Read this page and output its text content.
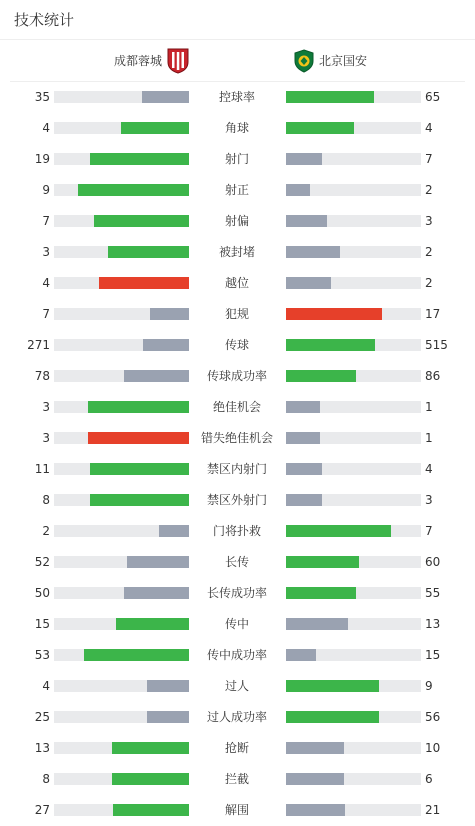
技术统计
成都蓉城	北京国安
35	控球率	65
4	角球	4
19	射门	7
9	射正	2
7	射偏	3
3	被封堵	2
4	越位	2
7	犯规	17
271	传球	515
78	传球成功率	86
3	绝佳机会	1
3	错失绝佳机会	1
11	禁区内射门	4
8	禁区外射门	3
2	门将扑救	7
52	长传	60
50	长传成功率	55
15	传中	13
53	传中成功率	15
4	过人	9
25	过人成功率	56
13	抢断	10
8	拦截	6
27	解围	21
